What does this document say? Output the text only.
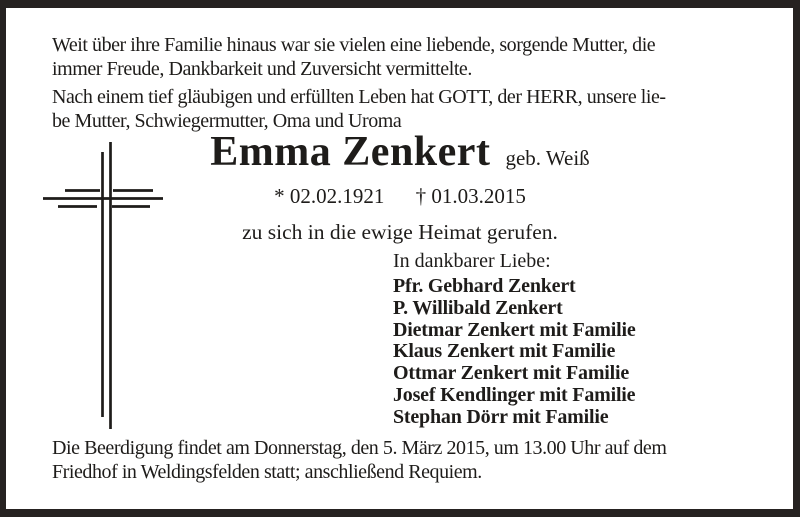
Weit über ihre Familie hinaus war sie vielen eine liebende, sorgende Mutter, die
immer Freude, Dankbarkeit und Zuversicht vermittelte.
Nach einem tief gläubigen und erfüllten Leben hat GOTT, der HERR, unsere lie-
be Mutter, Schwiegermutter, Oma und Uroma
Emma Zenkert geb. Weiß
* 02.02.1921 † 01.03.2015
zu sich in die ewige Heimat gerufen.
In dankbarer Liebe:
Pfr. Gebhard Zenkert
P. Willibald Zenkert
Dietmar Zenkert mit Familie
Klaus Zenkert mit Familie
Ottmar Zenkert mit Familie
Josef Kendlinger mit Familie
Stephan Dörr mit Familie
Die Beerdigung findet am Donnerstag, den 5. März 2015, um 13.00 Uhr auf dem
Friedhof in Weldingsfelden statt; anschließend Requiem.
